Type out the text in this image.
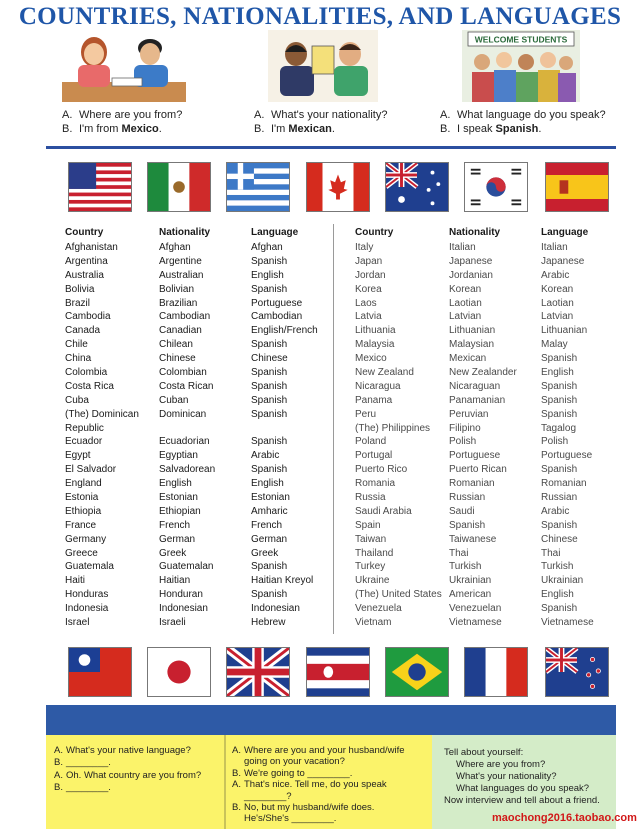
COUNTRIES, NATIONALITIES, AND LANGUAGES
WELCOME STUDENTS
A. Where are you from?
B. I'm from Mexico.
A. What's your nationality?
B. I'm Mexican.
A. What language do you speak?
B. I speak Spanish.
Country
Afghanistan
Argentina
Australia
Bolivia
Brazil
Cambodia
Canada
Chile
China
Colombia
Costa Rica
Cuba
(The) Dominican
Republic
Ecuador
Egypt
El Salvador
England
Estonia
Ethiopia
France
Germany
Greece
Guatemala
Haiti
Honduras
Indonesia
Israel
Nationality
Afghan
Argentine
Australian
Bolivian
Brazilian
Cambodian
Canadian
Chilean
Chinese
Colombian
Costa Rican
Cuban
Dominican
Ecuadorian
Egyptian
Salvadorean
English
Estonian
Ethiopian
French
German
Greek
Guatemalan
Haitian
Honduran
Indonesian
Israeli
Language
Afghan
Spanish
English
Spanish
Portuguese
Cambodian
English/French
Spanish
Chinese
Spanish
Spanish
Spanish
Spanish
Spanish
Arabic
Spanish
English
Estonian
Amharic
French
German
Greek
Spanish
Haitian Kreyol
Spanish
Indonesian
Hebrew
Country
Italy
Japan
Jordan
Korea
Laos
Latvia
Lithuania
Malaysia
Mexico
New Zealand
Nicaragua
Panama
Peru
(The) Philippines
Poland
Portugal
Puerto Rico
Romania
Russia
Saudi Arabia
Spain
Taiwan
Thailand
Turkey
Ukraine
(The) United States
Venezuela
Vietnam
Nationality
Italian
Japanese
Jordanian
Korean
Laotian
Latvian
Lithuanian
Malaysian
Mexican
New Zealander
Nicaraguan
Panamanian
Peruvian
Filipino
Polish
Portuguese
Puerto Rican
Romanian
Russian
Saudi
Spanish
Taiwanese
Thai
Turkish
Ukrainian
American
Venezuelan
Vietnamese
Language
Italian
Japanese
Arabic
Korean
Laotian
Latvian
Lithuanian
Malay
Spanish
English
Spanish
Spanish
Spanish
Tagalog
Polish
Portuguese
Spanish
Romanian
Russian
Arabic
Spanish
Chinese
Thai
Turkish
Ukrainian
English
Spanish
Vietnamese
A. What's your native language?
B. ________.
A. Oh. What country are you from?
B. ________.
A. Where are you and your husband/wife
going on your vacation?
B. We're going to ________.
A. That's nice. Tell me, do you speak
________?
B. No, but my husband/wife does.
He's/She's ________.
Tell about yourself:
Where are you from?
What's your nationality?
What languages do you speak?
Now interview and tell about a friend.
maochong2016.taobao.com
